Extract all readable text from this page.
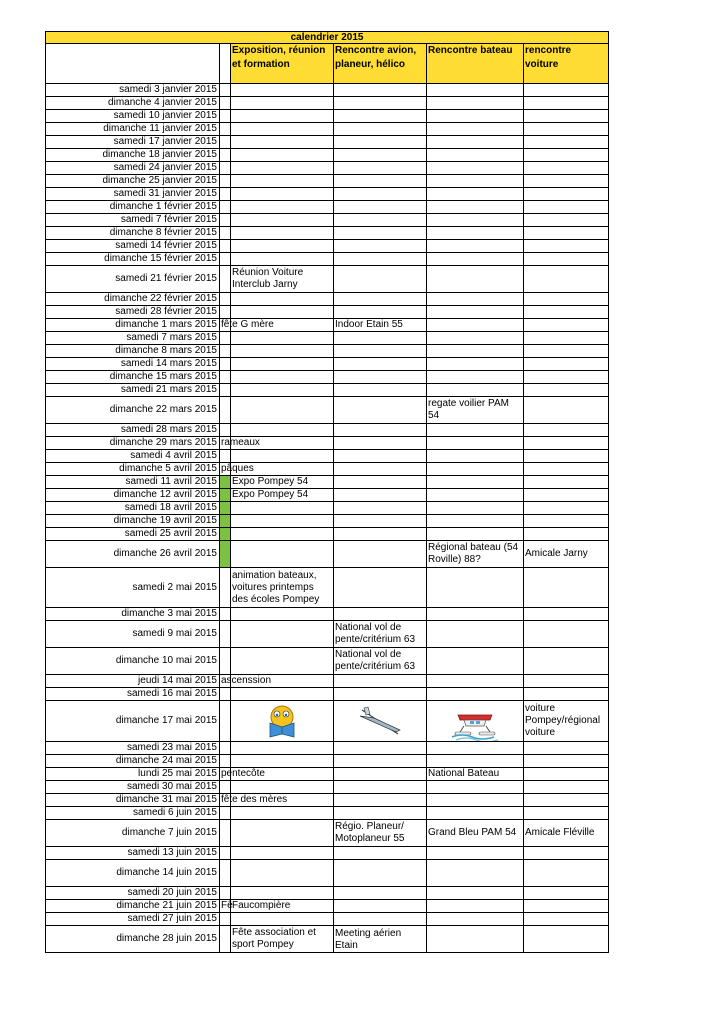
calendrier 2015					
		Exposition, réunion et formation	Rencontre avion, planeur, hélico	Rencontre bateau	rencontre voiture
samedi 3 janvier 2015					
dimanche 4 janvier 2015					
samedi 10 janvier 2015					
dimanche 11 janvier 2015					
samedi 17 janvier 2015					
dimanche 18 janvier 2015					
samedi 24 janvier 2015					
dimanche 25 janvier 2015					
samedi 31 janvier 2015					
dimanche 1 février 2015					
samedi 7 février 2015					
dimanche 8 février 2015					
samedi 14 février 2015					
dimanche 15 février 2015					
samedi 21 février 2015		Réunion Voiture Interclub Jarny			
dimanche 22 février 2015					
samedi 28 février 2015					
dimanche 1 mars 2015	fête G mère		Indoor Etain 55		
samedi 7 mars 2015					
dimanche 8 mars 2015					
samedi 14 mars 2015					
dimanche 15 mars 2015					
samedi 21 mars 2015					
dimanche 22 mars 2015				regate voilier PAM 54	
samedi 28 mars 2015					
dimanche 29 mars 2015	rameaux				
samedi 4 avril 2015					
dimanche 5 avril 2015	pâques				
samedi 11 avril 2015		Expo Pompey 54			
dimanche 12 avril 2015		Expo Pompey 54			
samedi 18 avril 2015					
dimanche 19 avril 2015					
samedi 25 avril 2015					
dimanche 26 avril 2015				Régional bateau (54 Roville) 88?	Amicale Jarny
samedi 2 mai 2015		animation bateaux, voitures printemps des écoles Pompey			
dimanche 3 mai 2015					
samedi 9 mai 2015			National vol de pente/critérium 63		
dimanche 10 mai 2015			National vol de pente/critérium 63		
jeudi 14 mai 2015	ascenssion				
samedi 16 mai 2015					
dimanche 17 mai 2015					voiture Pompey/régional voiture
samedi 23 mai 2015					
dimanche 24 mai 2015					
lundi 25 mai 2015	pentecôte			National Bateau	
samedi 30 mai 2015					
dimanche 31 mai 2015	fête des mères				
samedi 6 juin 2015					
dimanche 7 juin 2015			Régio. Planeur/ Motoplaneur 55	Grand Bleu PAM 54	Amicale Fléville
samedi 13 juin 2015					
dimanche 14 juin 2015					
samedi 20 juin 2015					
dimanche 21 juin 2015	Fê	Faucompière			
samedi 27 juin 2015					
dimanche 28 juin 2015		Fête association et sport Pompey	Meeting aérien Etain		
